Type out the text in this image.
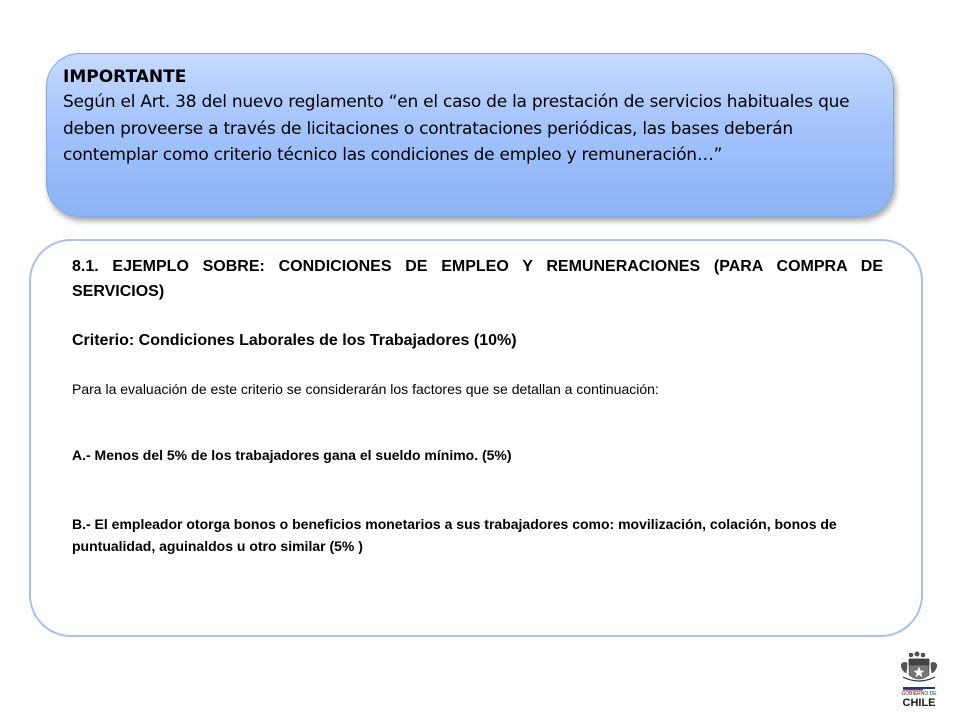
IMPORTANTE
Según el Art. 38 del nuevo reglamento “en el caso de la prestación de servicios habituales que deben proveerse a través de licitaciones o contrataciones periódicas, las bases deberán contemplar como criterio técnico las condiciones de empleo y remuneración…”

8.1. EJEMPLO SOBRE: CONDICIONES DE EMPLEO Y REMUNERACIONES (PARA COMPRA DE SERVICIOS)

Criterio: Condiciones Laborales de los Trabajadores (10%)

Para la evaluación de este criterio se considerarán los factores que se detallan a continuación:

A.- Menos del 5% de los trabajadores gana el sueldo mínimo. (5%)

B.- El empleador otorga bonos o beneficios monetarios a sus trabajadores como: movilización, colación, bonos de puntualidad, aguinaldos u otro similar (5% )

GOBIERNO DE
CHILE
